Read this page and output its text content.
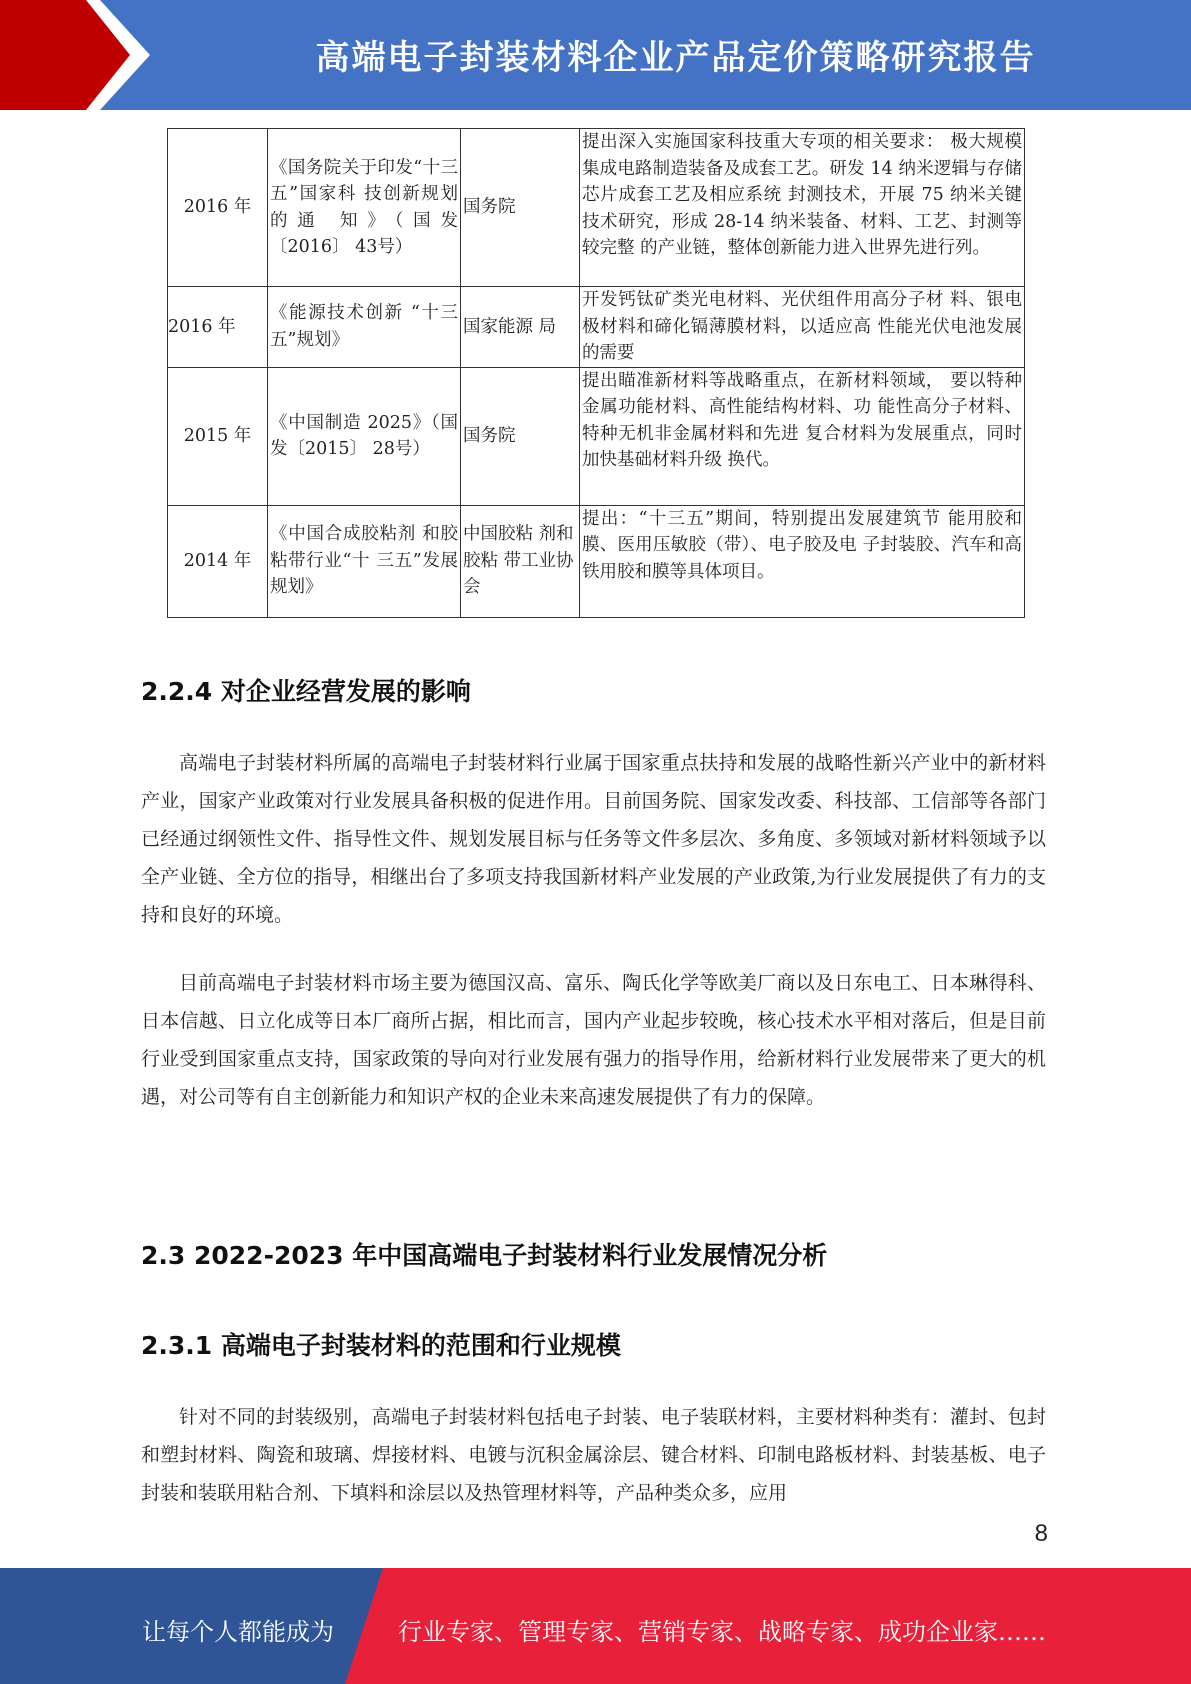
高端电子封装材料企业产品定价策略研究报告
2016 年	《国务院关于印发“十三五”国家科 技创新规划的通 知》（国发〔2016〕 43号）	国务院	提出深入实施国家科技重大专项的相关要求： 极大规模集成电路制造装备及成套工艺。研发 14 纳米逻辑与存储芯片成套工艺及相应系统 封测技术，开展 75 纳米关键技术研究，形成 28-14 纳米装备、材料、工艺、封测等较完整 的产业链，整体创新能力进入世界先进行列。
2016 年	《能源技术创新 “十三五”规划》	国家能源 局	开发钙钛矿类光电材料、光伏组件用高分子材 料、银电极材料和碲化镉薄膜材料，以适应高 性能光伏电池发展的需要
2015 年	《中国制造 2025》（国发〔2015〕 28号）	国务院	提出瞄准新材料等战略重点，在新材料领域， 要以特种金属功能材料、高性能结构材料、功 能性高分子材料、特种无机非金属材料和先进 复合材料为发展重点，同时加快基础材料升级 换代。
2014 年	《中国合成胶粘剂 和胶粘带行业“十 三五”发展规划》	中国胶粘 剂和胶粘 带工业协 会	提出：“十三五”期间，特别提出发展建筑节 能用胶和膜、医用压敏胶（带）、电子胶及电 子封装胶、汽车和高铁用胶和膜等具体项目。
2.2.4 对企业经营发展的影响
高端电子封装材料所属的高端电子封装材料行业属于国家重点扶持和发展的战略性新兴产业中的新材料产业，国家产业政策对行业发展具备积极的促进作用。目前国务院、国家发改委、科技部、工信部等各部门已经通过纲领性文件、指导性文件、规划发展目标与任务等文件多层次、多角度、多领域对新材料领域予以全产业链、全方位的指导，相继出台了多项支持我国新材料产业发展的产业政策,为行业发展提供了有力的支持和良好的环境。
目前高端电子封装材料市场主要为德国汉高、富乐、陶氏化学等欧美厂商以及日东电工、日本琳得科、日本信越、日立化成等日本厂商所占据，相比而言，国内产业起步较晚，核心技术水平相对落后，但是目前行业受到国家重点支持，国家政策的导向对行业发展有强力的指导作用，给新材料行业发展带来了更大的机遇，对公司等有自主创新能力和知识产权的企业未来高速发展提供了有力的保障。
2.3 2022-2023 年中国高端电子封装材料行业发展情况分析
2.3.1 高端电子封装材料的范围和行业规模
针对不同的封装级别，高端电子封装材料包括电子封装、电子装联材料，主要材料种类有：灌封、包封和塑封材料、陶瓷和玻璃、焊接材料、电镀与沉积金属涂层、键合材料、印制电路板材料、封装基板、电子封装和装联用粘合剂、下填料和涂层以及热管理材料等，产品种类众多，应用
8
让每个人都能成为	行业专家、管理专家、营销专家、战略专家、成功企业家……
